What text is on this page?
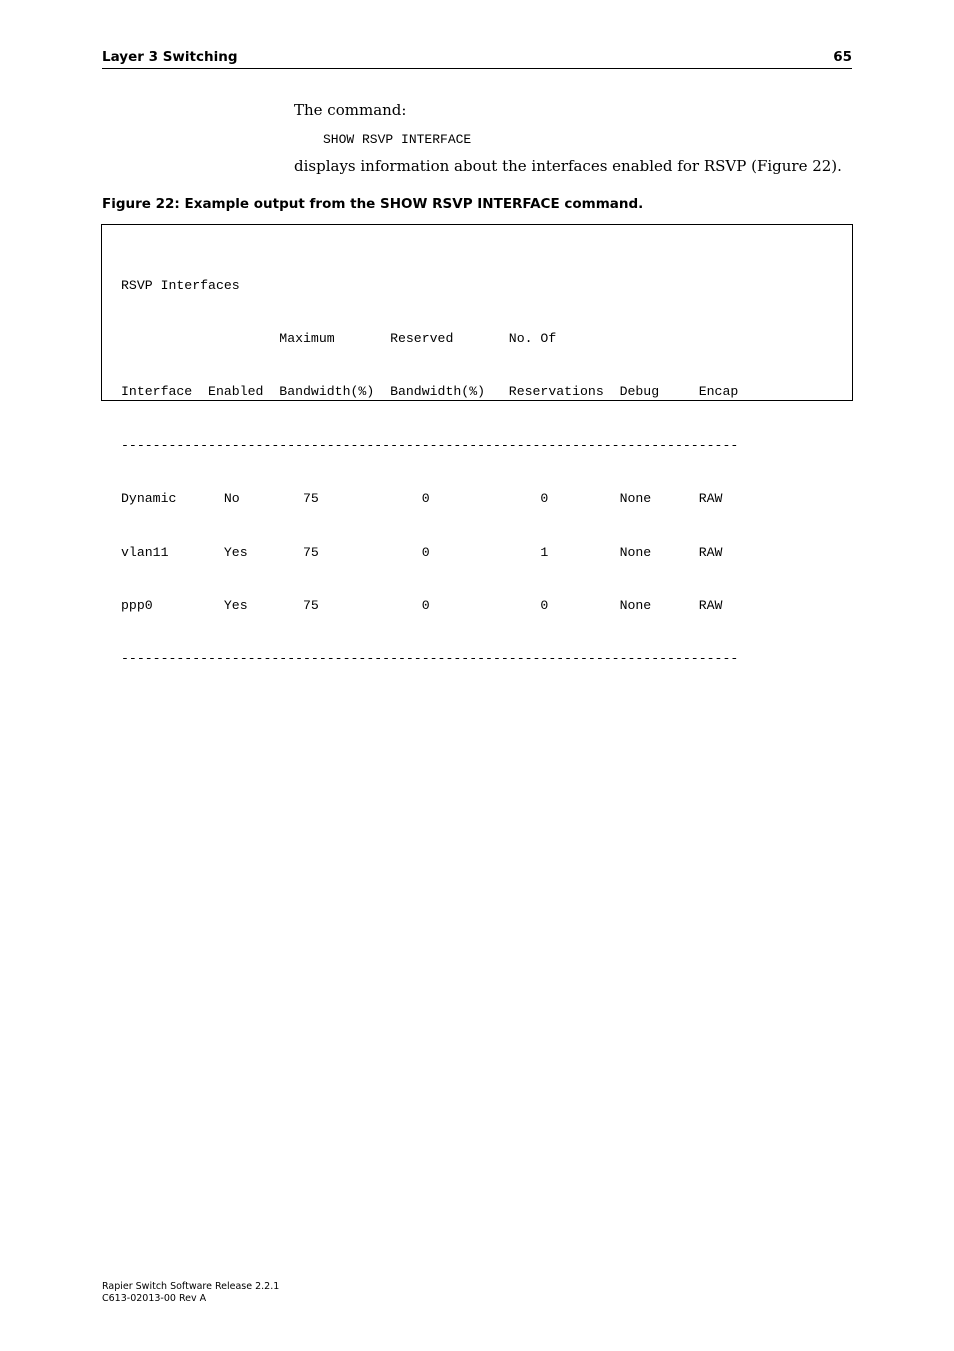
Layer 3 Switching	65
The command:
SHOW RSVP INTERFACE
displays information about the interfaces enabled for RSVP (Figure 22).
Figure 22: Example output from the SHOW RSVP INTERFACE command.

RSVP Interfaces

Maximum       Reserved       No. Of

Interface  Enabled  Bandwidth(%)  Bandwidth(%)   Reservations  Debug     Encap

------------------------------------------------------------------------------

Dynamic      No        75             0              0         None      RAW

vlan11       Yes       75             0              1         None      RAW

ppp0         Yes       75             0              0         None      RAW

------------------------------------------------------------------------------

Rapier Switch Software Release 2.2.1
C613-02013-00 Rev A
